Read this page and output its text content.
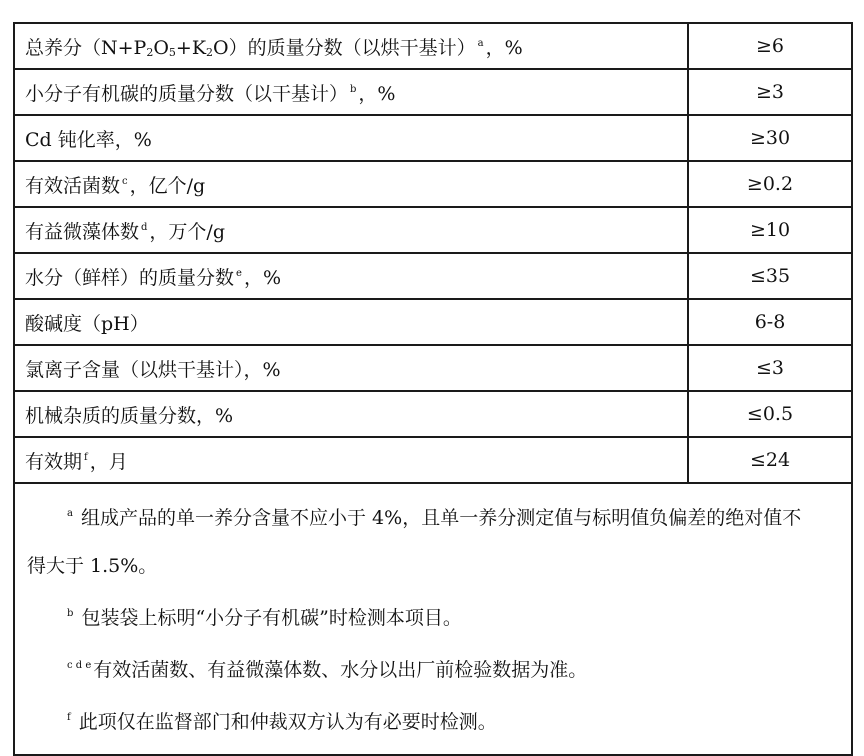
总养分$(N+P_2O_5+K_2O)$的质量分数（以烘干基计） $^a$ ，%	≥6
小分子有机碳的质量分数（以干基计） $^b$ ，%	≥3
Cd 钝化率，%	≥30
有效活菌数 $^c$ ，亿个/g	≥0.2
有益微藻体数 $^d$ ，万个/g	≥10
水分（鲜样）的质量分数 $^e$ ，%	≤35
酸碱度（pH）	6-8
氯离子含量（以烘干基计），%	≤3
机械杂质的质量分数，%	≤0.5
有效期 $^f$ ，月	≤24

$^a$ 组成产品的单一养分含量不应小于 4%，且单一养分测定值与标明值负偏差的绝对值不

得大于 1.5%。

$^b$ 包装袋上标明“小分子有机碳”时检测本项目。

$^{c d e}$ 有效活菌数、有益微藻体数、水分以出厂前检验数据为准。

$^f$ 此项仅在监督部门和仲裁双方认为有必要时检测。	
